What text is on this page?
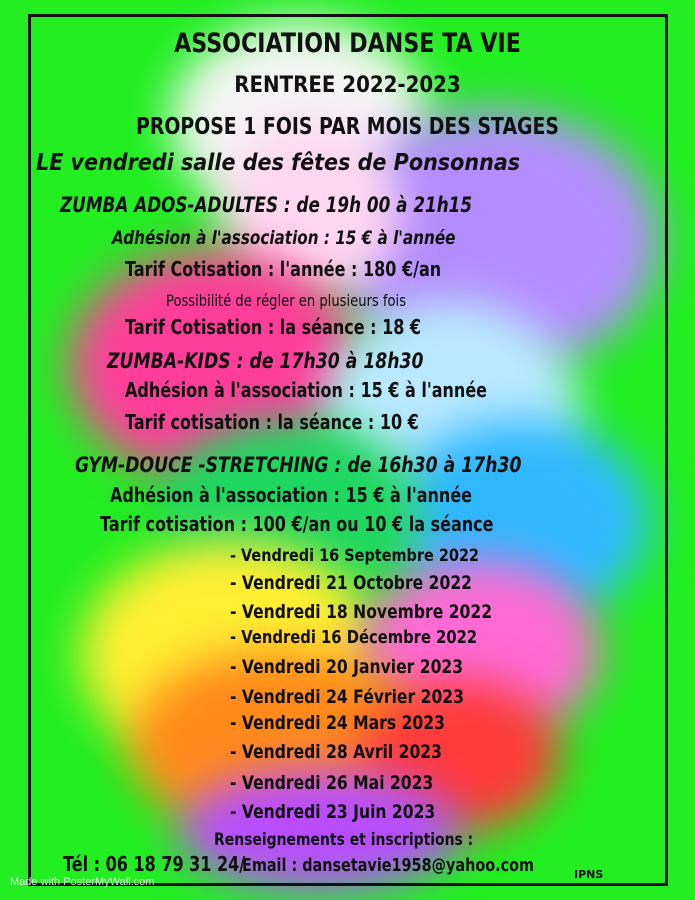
ASSOCIATION DANSE TA VIE
RENTREE 2022-2023
PROPOSE 1 FOIS PAR MOIS DES STAGES
LE vendredi salle des fêtes de Ponsonnas
ZUMBA ADOS-ADULTES : de 19h 00 à 21h15
Adhésion à l'association : 15 € à l'année
Tarif Cotisation : l'année : 180 €/an
Possibilité de régler en plusieurs fois
Tarif Cotisation : la séance : 18 €
ZUMBA-KIDS : de 17h30 à 18h30
Adhésion à l'association : 15 € à l'année
Tarif cotisation : la séance : 10 €
GYM-DOUCE -STRETCHING : de 16h30 à 17h30
Adhésion à l'association : 15 € à l'année
Tarif cotisation : 100 €/an ou 10 € la séance
- Vendredi 16 Septembre 2022
- Vendredi 21 Octobre 2022
- Vendredi 18 Novembre 2022
- Vendredi 16 Décembre 2022
- Vendredi 20 Janvier 2023
- Vendredi 24 Février 2023
- Vendredi 24 Mars 2023
- Vendredi 28 Avril 2023
- Vendredi 26 Mai 2023
- Vendredi 23 Juin 2023
Renseignements et inscriptions :
Tél : 06 18 79 31 24/
Email : dansetavie1958@yahoo.com	IPNS
Made with PosterMyWall.com
